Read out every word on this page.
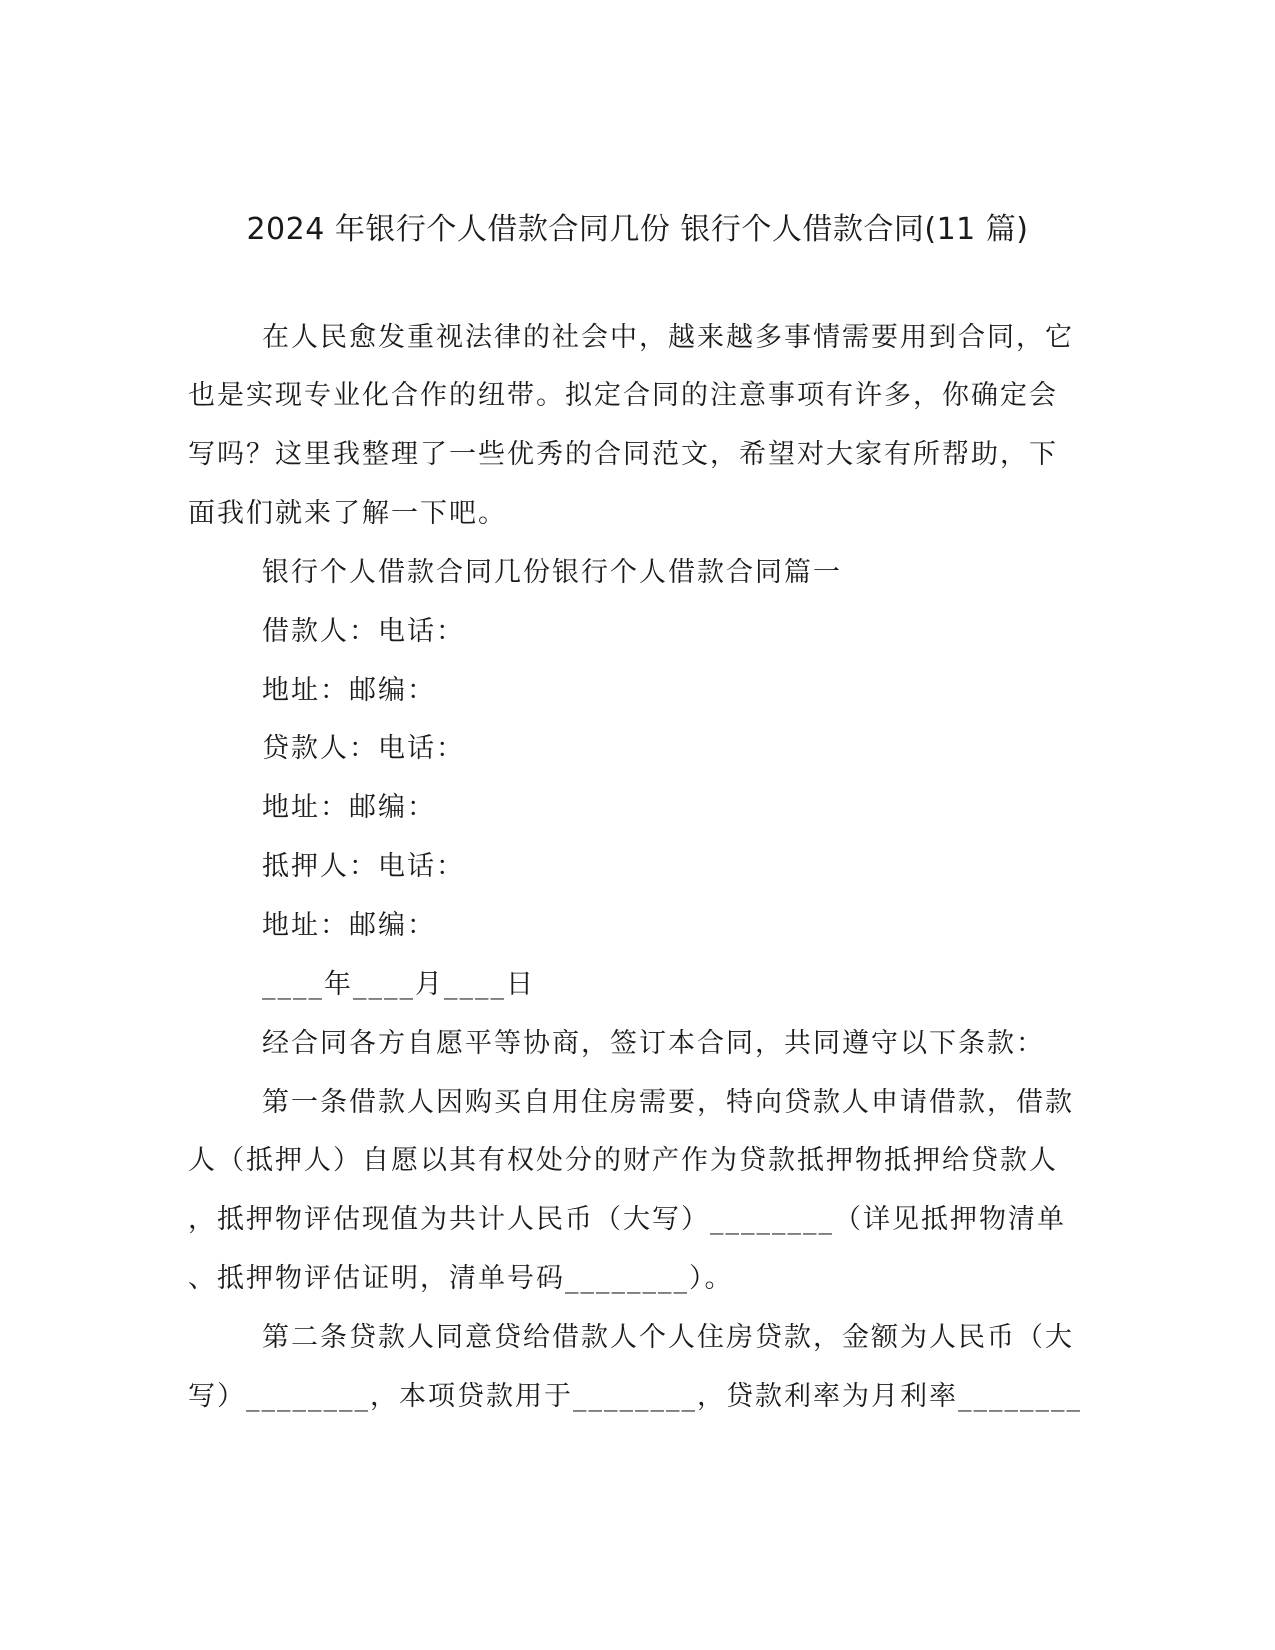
2024 年银行个人借款合同几份 银行个人借款合同(11 篇)
在人民愈发重视法律的社会中，越来越多事情需要用到合同，它
也是实现专业化合作的纽带。拟定合同的注意事项有许多，你确定会
写吗？这里我整理了一些优秀的合同范文，希望对大家有所帮助，下
面我们就来了解一下吧。
银行个人借款合同几份银行个人借款合同篇一
借款人：电话：
地址：邮编：
贷款人：电话：
地址：邮编：
抵押人：电话：
地址：邮编：
____年____月____日
经合同各方自愿平等协商，签订本合同，共同遵守以下条款：
第一条借款人因购买自用住房需要，特向贷款人申请借款，借款
人（抵押人）自愿以其有权处分的财产作为贷款抵押物抵押给贷款人
，抵押物评估现值为共计人民币（大写）________（详见抵押物清单
、抵押物评估证明，清单号码________）。
第二条贷款人同意贷给借款人个人住房贷款，金额为人民币（大
写）________，本项贷款用于________，贷款利率为月利率________
